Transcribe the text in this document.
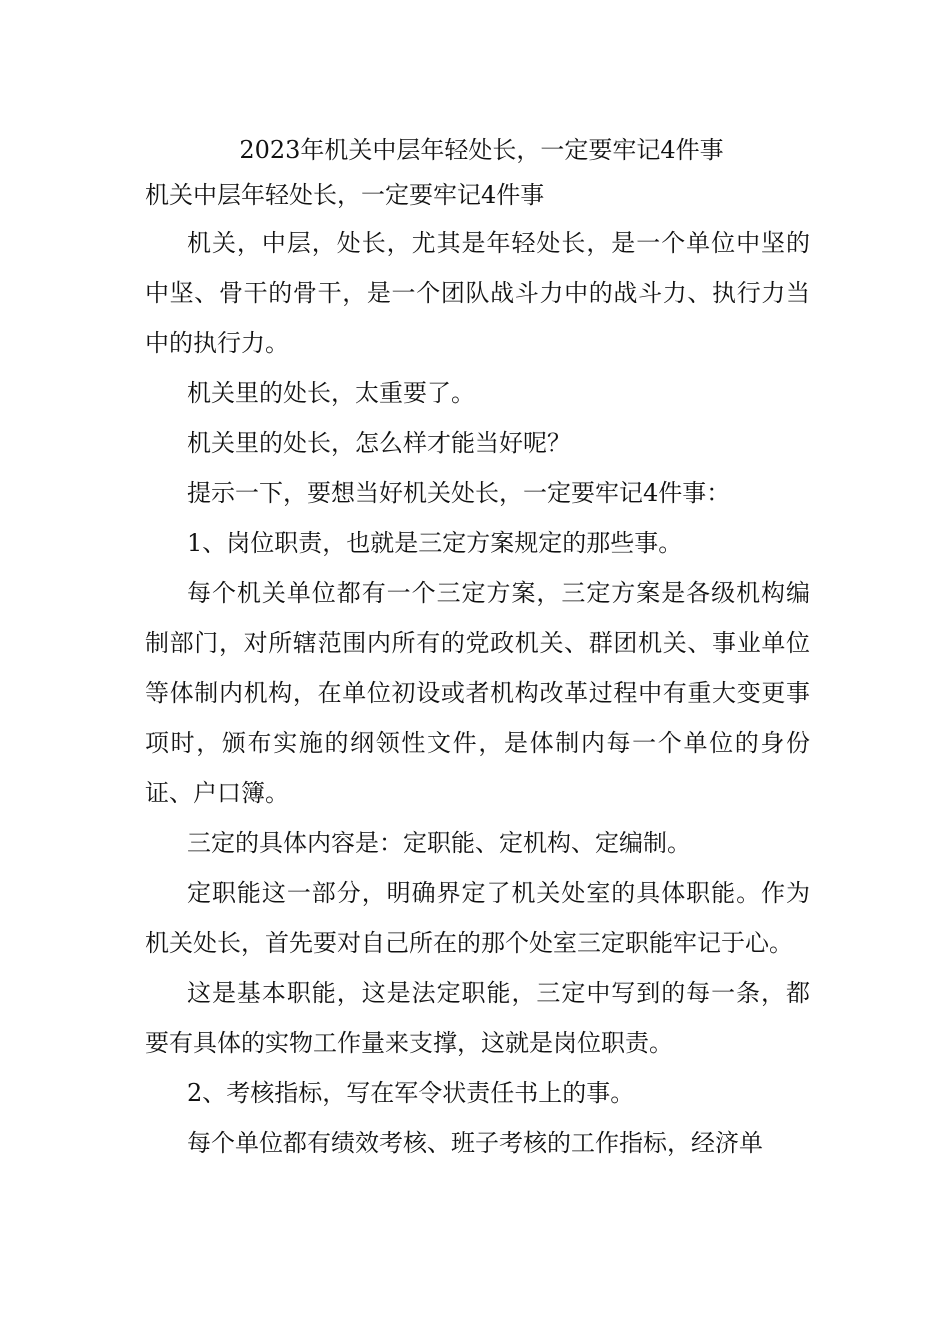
2023年机关中层年轻处长，一定要牢记4件事
机关中层年轻处长，一定要牢记4件事

机关，中层，处长，尤其是年轻处长，是一个单位中坚的中坚、骨干的骨干，是一个团队战斗力中的战斗力、执行力当中的执行力。

机关里的处长，太重要了。

机关里的处长，怎么样才能当好呢？

提示一下，要想当好机关处长，一定要牢记4件事：

1、岗位职责，也就是三定方案规定的那些事。

每个机关单位都有一个三定方案，三定方案是各级机构编制部门，对所辖范围内所有的党政机关、群团机关、事业单位等体制内机构，在单位初设或者机构改革过程中有重大变更事项时，颁布实施的纲领性文件，是体制内每一个单位的身份证、户口簿。

三定的具体内容是：定职能、定机构、定编制。

定职能这一部分，明确界定了机关处室的具体职能。作为机关处长，首先要对自己所在的那个处室三定职能牢记于心。

这是基本职能，这是法定职能，三定中写到的每一条，都要有具体的实物工作量来支撑，这就是岗位职责。

2、考核指标，写在军令状责任书上的事。

每个单位都有绩效考核、班子考核的工作指标，经济单
